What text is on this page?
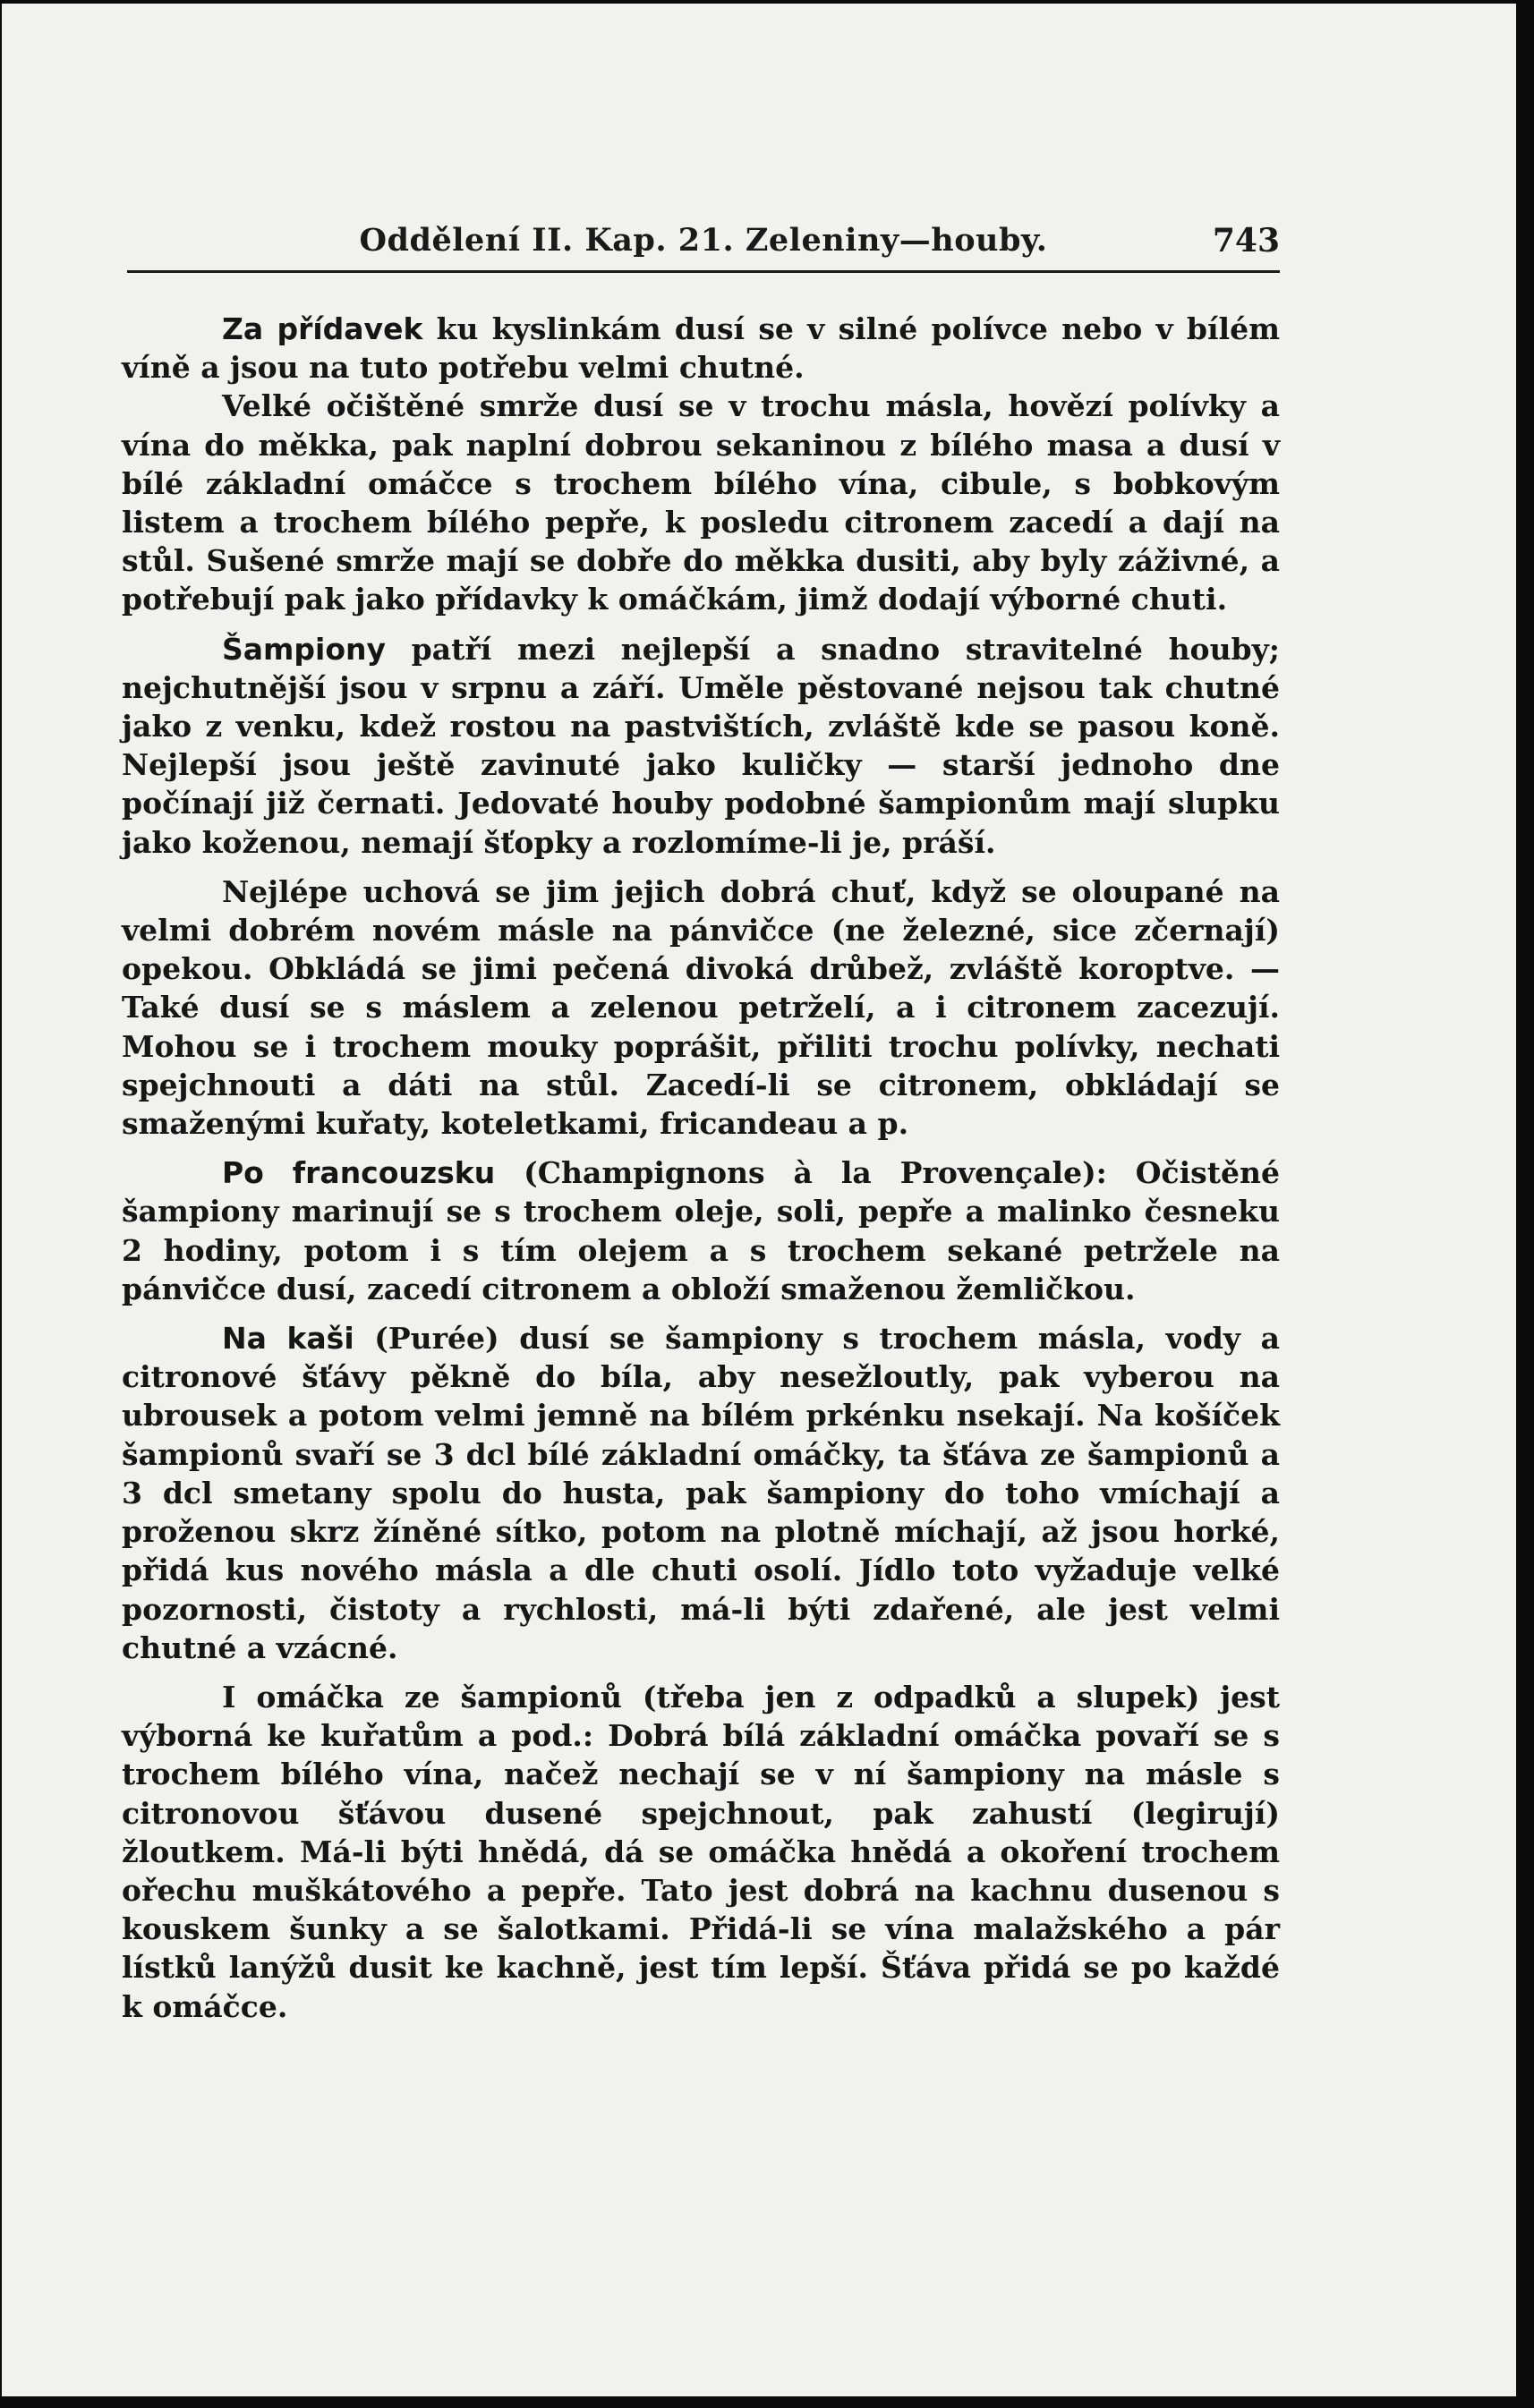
Oddělení II. Kap. 21. Zeleniny—houby.	743

Za přídavek ku kyslinkám dusí se v silné polívce nebo v bílém víně a jsou na tuto potřebu velmi chutné.

Velké očištěné smrže dusí se v trochu másla, hovězí polívky a vína do měkka, pak naplní dobrou sekaninou z bílého masa a dusí v bílé základní omáčce s trochem bílého vína, cibule, s bobkovým listem a trochem bílého pepře, k posledu citronem zacedí a dají na stůl. Sušené smrže mají se dobře do měkka dusiti, aby byly záživné, a potřebují pak jako přídavky k omáčkám, jimž dodají výborné chuti.

Šampiony patří mezi nejlepší a snadno stravitelné houby; nejchutnější jsou v srpnu a září. Uměle pěstované nejsou tak chutné jako z venku, kdež rostou na pastvištích, zvláště kde se pasou koně. Nejlepší jsou ještě zavinuté jako kuličky — starší jednoho dne počínají již černati. Jedovaté houby podobné šampionům mají slupku jako koženou, nemají šťopky a rozlomíme-li je, práší.

Nejlépe uchová se jim jejich dobrá chuť, když se oloupané na velmi dobrém novém másle na pánvičce (ne železné, sice zčernají) opekou. Obkládá se jimi pečená divoká drůbež, zvláště koroptve. — Také dusí se s máslem a zelenou petrželí, a i citronem zacezují. Mohou se i trochem mouky poprášit, přiliti trochu polívky, nechati spejchnouti a dáti na stůl. Zacedí-li se citronem, obkládají se smaženými kuřaty, koteletkami, fricandeau a p.

Po francouzsku (Champignons à la Provençale): Očistěné šampiony marinují se s trochem oleje, soli, pepře a malinko česneku 2 hodiny, potom i s tím olejem a s trochem sekané petržele na pánvičce dusí, zacedí citronem a obloží smaženou žemličkou.

Na kaši (Purée) dusí se šampiony s trochem másla, vody a citronové šťávy pěkně do bíla, aby nesežloutly, pak vyberou na ubrousek a potom velmi jemně na bílém prkénku nsekají. Na košíček šampionů svaří se 3 dcl bílé základní omáčky, ta šťáva ze šampionů a 3 dcl smetany spolu do husta, pak šampiony do toho vmíchají a proženou skrz žíněné sítko, potom na plotně míchají, až jsou horké, přidá kus nového másla a dle chuti osolí. Jídlo toto vyžaduje velké pozornosti, čistoty a rychlosti, má-li býti zdařené, ale jest velmi chutné a vzácné.

I omáčka ze šampionů (třeba jen z odpadků a slupek) jest výborná ke kuřatům a pod.: Dobrá bílá základní omáčka povaří se s trochem bílého vína, načež nechají se v ní šampiony na másle s citronovou šťávou dusené spejchnout, pak zahustí (legirují) žloutkem. Má-li býti hnědá, dá se omáčka hnědá a okoření trochem ořechu muškátového a pepře. Tato jest dobrá na kachnu dusenou s kouskem šunky a se šalotkami. Přidá-li se vína malažského a pár lístků lanýžů dusit ke kachně, jest tím lepší. Šťáva přidá se po každé k omáčce.
